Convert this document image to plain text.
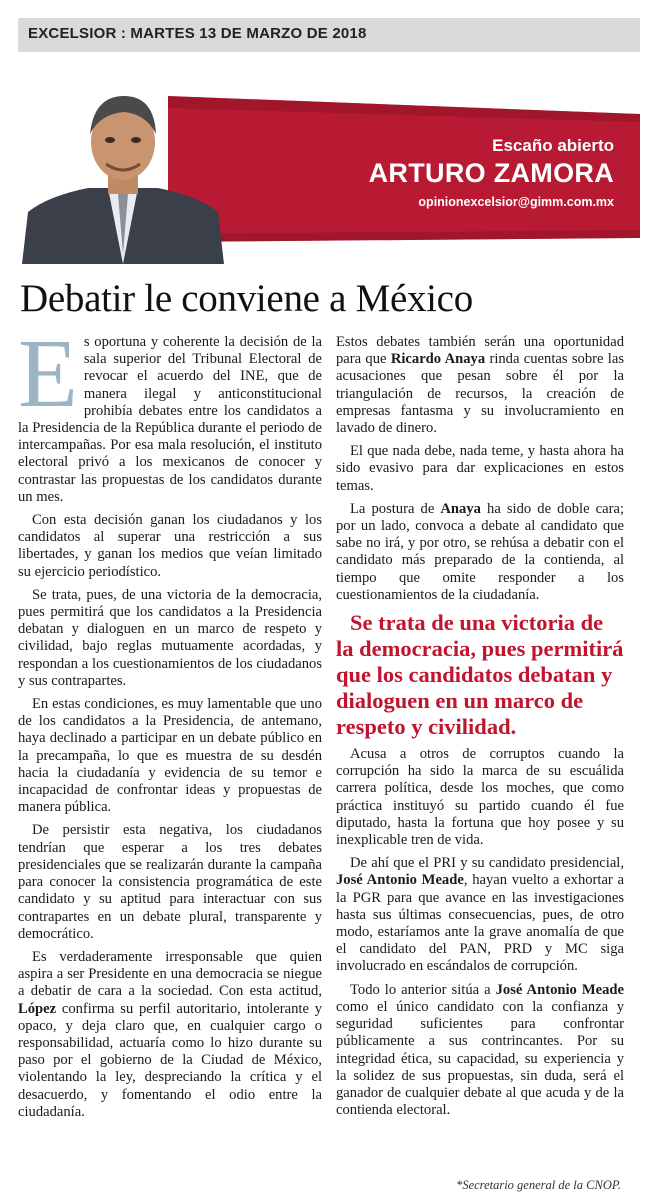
EXCELSIOR : MARTES 13 DE MARZO DE 2018
Escaño abierto
ARTURO ZAMORA
opinionexcelsior@gimm.com.mx
Debatir le conviene a México

Es oportuna y coherente la decisión de la sala superior del Tribunal Electoral de revocar el acuerdo del INE, que de manera ilegal y anticonstitucional prohibía debates entre los candidatos a la Presidencia de la República durante el periodo de intercampañas. Por esa mala resolución, el instituto electoral privó a los mexicanos de conocer y contrastar las propuestas de los candidatos durante un mes.

Con esta decisión ganan los ciudadanos y los candidatos al superar una restricción a sus libertades, y ganan los medios que veían limitado su ejercicio periodístico.

Se trata, pues, de una victoria de la democracia, pues permitirá que los candidatos a la Presidencia debatan y dialoguen en un marco de respeto y civilidad, bajo reglas mutuamente acordadas, y respondan a los cuestionamientos de los ciudadanos y sus contrapartes.

En estas condiciones, es muy lamentable que uno de los candidatos a la Presidencia, de antemano, haya declinado a participar en un debate público en la precampaña, lo que es muestra de su desdén hacia la ciudadanía y evidencia de su temor e incapacidad de confrontar ideas y propuestas de manera pública.

De persistir esta negativa, los ciudadanos tendrían que esperar a los tres debates presidenciales que se realizarán durante la campaña para conocer la consistencia programática de este candidato y su aptitud para interactuar con sus contrapartes en un debate plural, transparente y democrático.

Es verdaderamente irresponsable que quien aspira a ser Presidente en una democracia se niegue a debatir de cara a la sociedad. Con esta actitud, López confirma su perfil autoritario, intolerante y opaco, y deja claro que, en cualquier cargo o responsabilidad, actuaría como lo hizo durante su paso por el gobierno de la Ciudad de México, violentando la ley, despreciando la crítica y el desacuerdo, y fomentando el odio entre la ciudadanía.

Estos debates también serán una oportunidad para que Ricardo Anaya rinda cuentas sobre las acusaciones que pesan sobre él por la triangulación de recursos, la creación de empresas fantasma y su involucramiento en lavado de dinero.

El que nada debe, nada teme, y hasta ahora ha sido evasivo para dar explicaciones en estos temas.

La postura de Anaya ha sido de doble cara; por un lado, convoca a debate al candidato que sabe no irá, y por otro, se rehúsa a debatir con el candidato más preparado de la contienda, al tiempo que omite responder a los cuestionamientos de la ciudadanía.

Se trata de una victoria de la democracia, pues permitirá que los candidatos debatan y dialoguen en un marco de respeto y civilidad.

Acusa a otros de corruptos cuando la corrupción ha sido la marca de su escuálida carrera política, desde los moches, que como práctica instituyó su partido cuando él fue diputado, hasta la fortuna que hoy posee y su inexplicable tren de vida.

De ahí que el PRI y su candidato presidencial, José Antonio Meade, hayan vuelto a exhortar a la PGR para que avance en las investigaciones hasta sus últimas consecuencias, pues, de otro modo, estaríamos ante la grave anomalía de que el candidato del PAN, PRD y MC siga involucrado en escándalos de corrupción.

Todo lo anterior sitúa a José Antonio Meade como el único candidato con la confianza y seguridad suficientes para confrontar públicamente a sus contrincantes. Por su integridad ética, su capacidad, su experiencia y la solidez de sus propuestas, sin duda, será el ganador de cualquier debate al que acuda y de la contienda electoral.

*Secretario general de la CNOP.
